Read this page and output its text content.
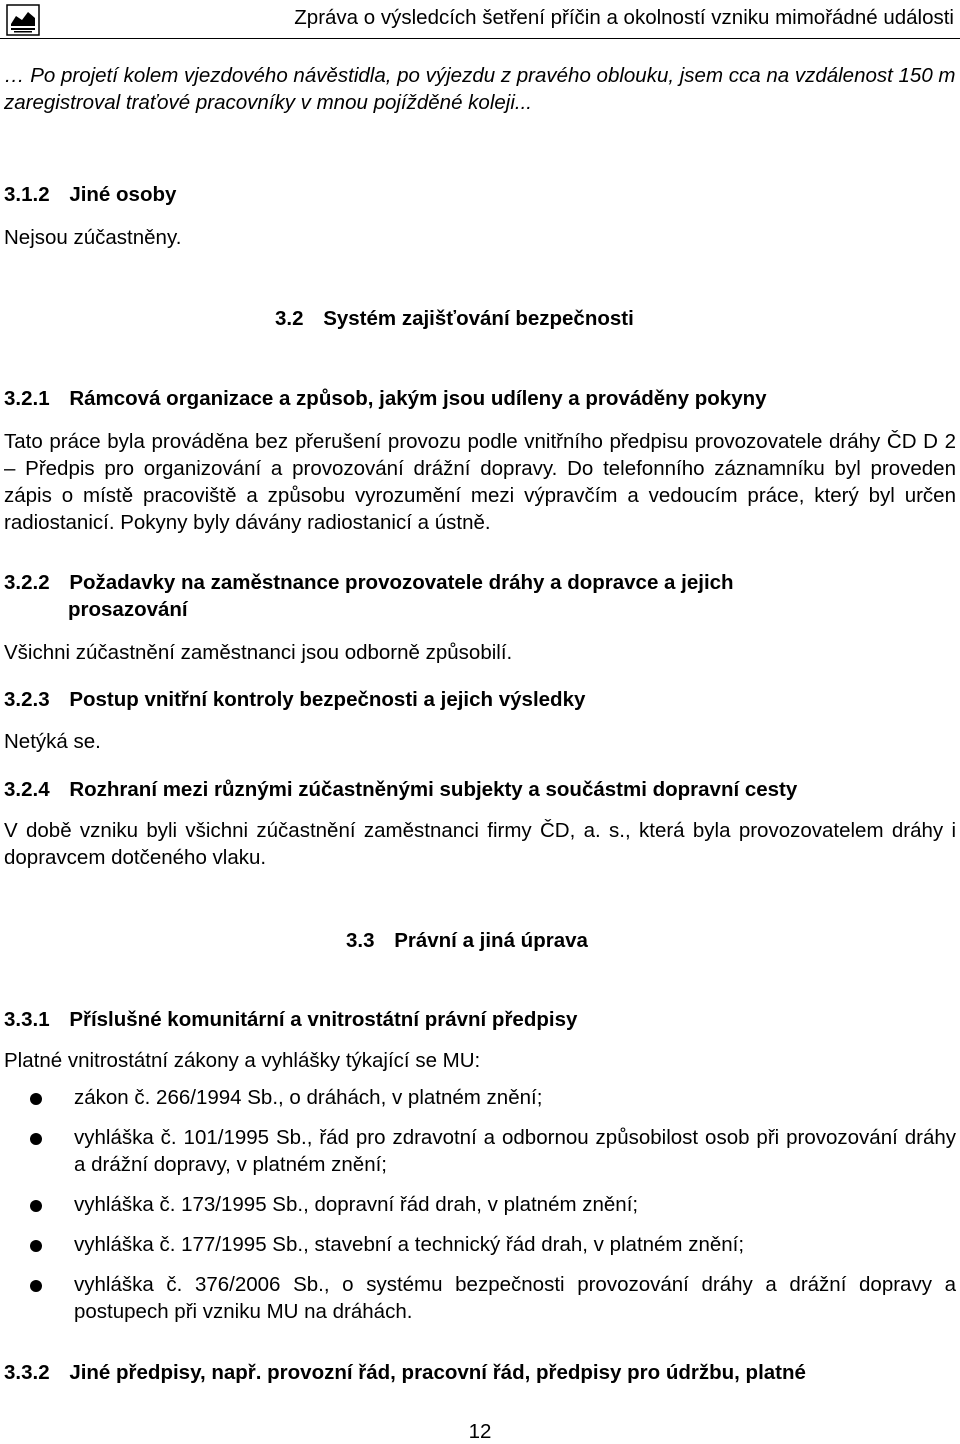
Zpráva o výsledcích šetření příčin a okolností vzniku mimořádné události
… Po projetí kolem vjezdového návěstidla, po výjezdu z pravého oblouku, jsem cca na vzdálenost 150 m zaregistroval traťové pracovníky v mnou pojížděné koleji...
3.1.2 Jiné osoby
Nejsou zúčastněny.
3.2 Systém zajišťování bezpečnosti
3.2.1 Rámcová organizace a způsob, jakým jsou udíleny a prováděny pokyny
Tato práce byla prováděna bez přerušení provozu podle vnitřního předpisu provozovatele dráhy ČD D 2 – Předpis pro organizování a provozování drážní dopravy. Do telefonního záznamníku byl proveden zápis o místě pracoviště a způsobu vyrozumění mezi výpravčím a vedoucím práce, který byl určen radiostanicí. Pokyny byly dávány radiostanicí a ústně.
3.2.2 Požadavky na zaměstnance provozovatele dráhy a dopravce a jejich
prosazování
Všichni zúčastnění zaměstnanci jsou odborně způsobilí.
3.2.3 Postup vnitřní kontroly bezpečnosti a jejich výsledky
Netýká se.
3.2.4 Rozhraní mezi různými zúčastněnými subjekty a součástmi dopravní cesty
V době vzniku byli všichni zúčastnění zaměstnanci firmy ČD, a. s., která byla provozovatelem dráhy i dopravcem dotčeného vlaku.
3.3 Právní a jiná úprava
3.3.1 Příslušné komunitární a vnitrostátní právní předpisy
Platné vnitrostátní zákony a vyhlášky týkající se MU:
zákon č. 266/1994 Sb., o dráhách, v platném znění;
vyhláška č. 101/1995 Sb., řád pro zdravotní a odbornou způsobilost osob při provozování dráhy a drážní dopravy, v platném znění;
vyhláška č. 173/1995 Sb., dopravní řád drah, v platném znění;
vyhláška č. 177/1995 Sb., stavební a technický řád drah, v platném znění;
vyhláška č. 376/2006 Sb., o systému bezpečnosti provozování dráhy a drážní dopravy a postupech při vzniku MU na dráhách.
3.3.2 Jiné předpisy, např. provozní řád, pracovní řád, předpisy pro údržbu, platné
12
